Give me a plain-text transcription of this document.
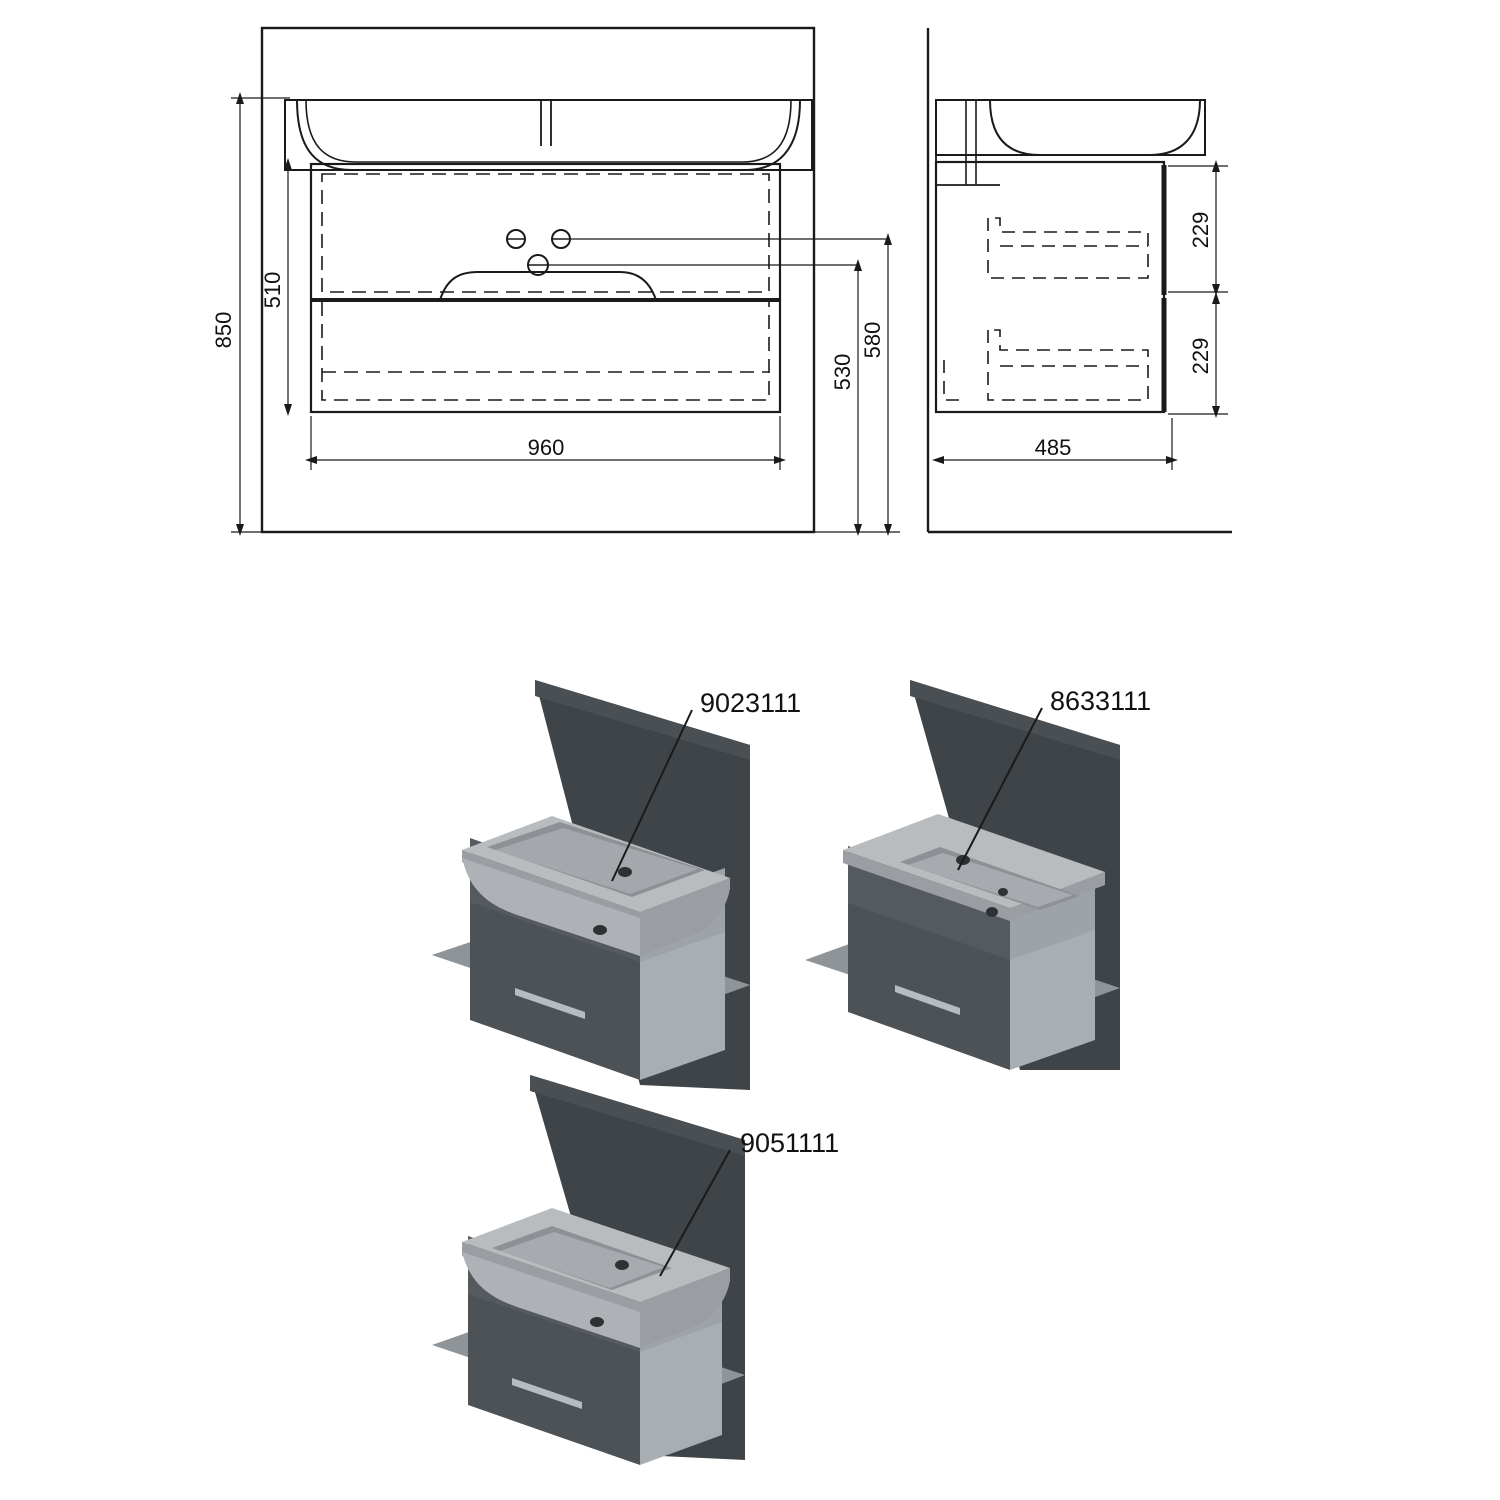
850
510
530
580
960
229
229
485
9023111	8633111
9051111
